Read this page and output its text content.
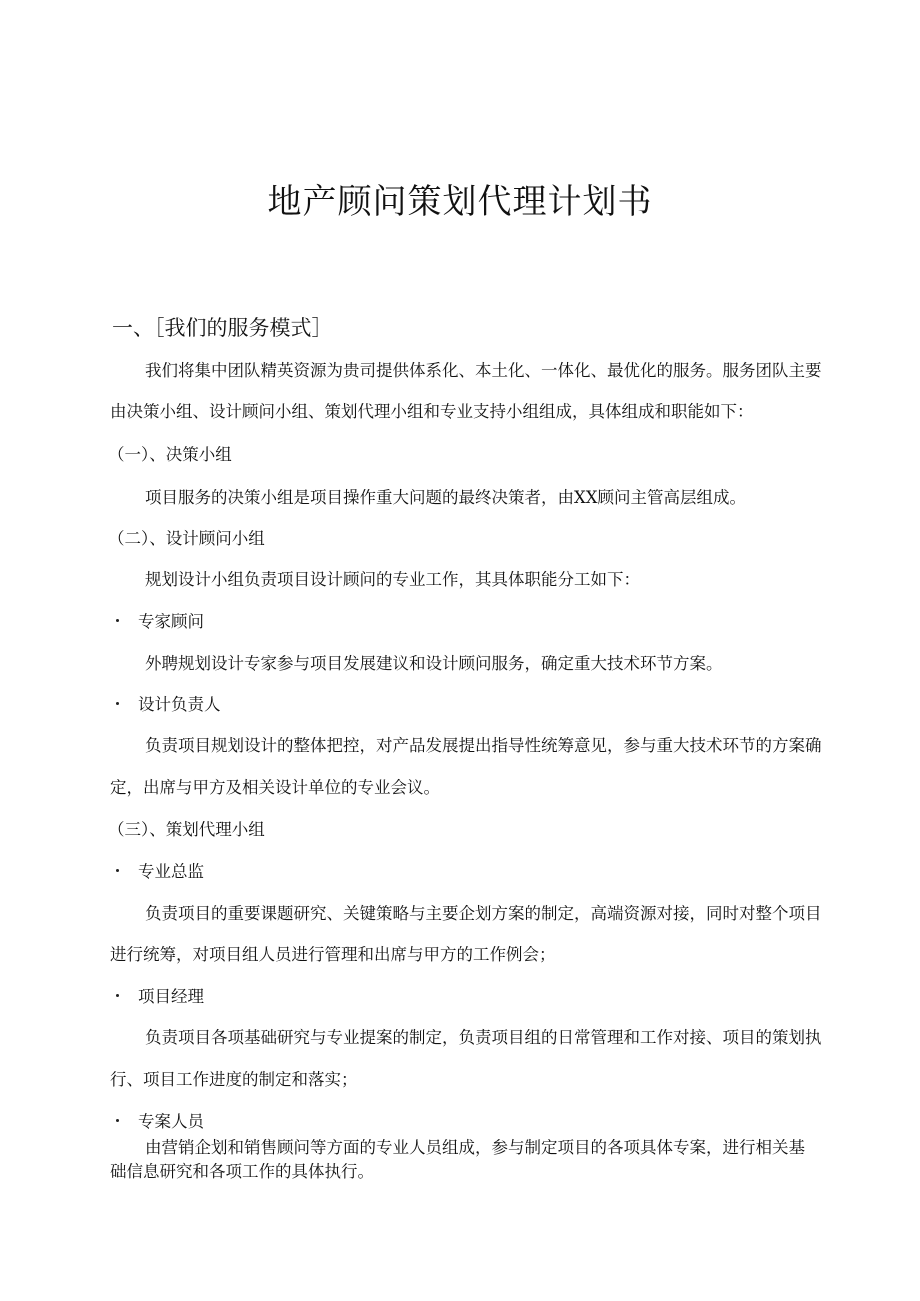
地产顾问策划代理计划书
一、［我们的服务模式］
我们将集中团队精英资源为贵司提供体系化、本土化、一体化、最优化的服务。服务团队主要
由决策小组、设计顾问小组、策划代理小组和专业支持小组组成，具体组成和职能如下：
（一）、决策小组
项目服务的决策小组是项目操作重大问题的最终决策者，由XX顾问主管高层组成。
（二）、设计顾问小组
规划设计小组负责项目设计顾问的专业工作，其具体职能分工如下：
专家顾问
外聘规划设计专家参与项目发展建议和设计顾问服务，确定重大技术环节方案。
设计负责人
负责项目规划设计的整体把控，对产品发展提出指导性统筹意见，参与重大技术环节的方案确
定，出席与甲方及相关设计单位的专业会议。
（三）、策划代理小组
专业总监
负责项目的重要课题研究、关键策略与主要企划方案的制定，高端资源对接，同时对整个项目
进行统筹，对项目组人员进行管理和出席与甲方的工作例会；
项目经理
负责项目各项基础研究与专业提案的制定，负责项目组的日常管理和工作对接、项目的策划执
行、项目工作进度的制定和落实；
专案人员
由营销企划和销售顾问等方面的专业人员组成，参与制定项目的各项具体专案，进行相关基
础信息研究和各项工作的具体执行。
